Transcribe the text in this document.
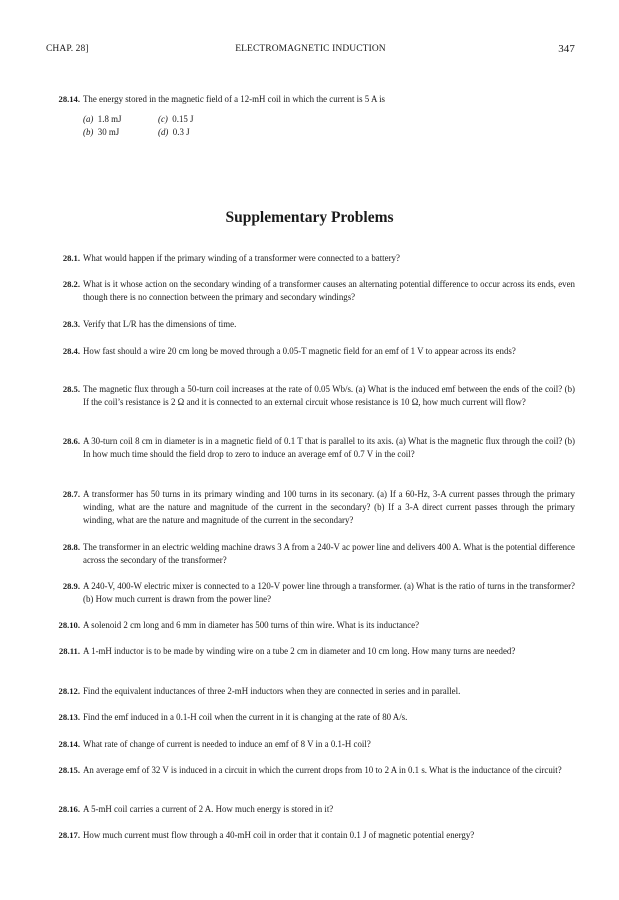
CHAP. 28]	ELECTROMAGNETIC INDUCTION	347
28.14. The energy stored in the magnetic field of a 12-mH coil in which the current is 5 A is
(a) 1.8 mJ
(b) 30 mJ
(c) 0.15 J
(d) 0.3 J
Supplementary Problems
28.1. What would happen if the primary winding of a transformer were connected to a battery?
28.2. What is it whose action on the secondary winding of a transformer causes an alternating potential difference to occur across its ends, even though there is no connection between the primary and secondary windings?
28.3. Verify that L/R has the dimensions of time.
28.4. How fast should a wire 20 cm long be moved through a 0.05-T magnetic field for an emf of 1 V to appear across its ends?
28.5. The magnetic flux through a 50-turn coil increases at the rate of 0.05 Wb/s. (a) What is the induced emf between the ends of the coil? (b) If the coil’s resistance is 2 Ω and it is connected to an external circuit whose resistance is 10 Ω, how much current will flow?
28.6. A 30-turn coil 8 cm in diameter is in a magnetic field of 0.1 T that is parallel to its axis. (a) What is the magnetic flux through the coil? (b) In how much time should the field drop to zero to induce an average emf of 0.7 V in the coil?
28.7. A transformer has 50 turns in its primary winding and 100 turns in its seconary. (a) If a 60-Hz, 3-A current passes through the primary winding, what are the nature and magnitude of the current in the secondary? (b) If a 3-A direct current passes through the primary winding, what are the nature and magnitude of the current in the secondary?
28.8. The transformer in an electric welding machine draws 3 A from a 240-V ac power line and delivers 400 A. What is the potential difference across the secondary of the transformer?
28.9. A 240-V, 400-W electric mixer is connected to a 120-V power line through a transformer. (a) What is the ratio of turns in the transformer? (b) How much current is drawn from the power line?
28.10. A solenoid 2 cm long and 6 mm in diameter has 500 turns of thin wire. What is its inductance?
28.11. A 1-mH inductor is to be made by winding wire on a tube 2 cm in diameter and 10 cm long. How many turns are needed?
28.12. Find the equivalent inductances of three 2-mH inductors when they are connected in series and in parallel.
28.13. Find the emf induced in a 0.1-H coil when the current in it is changing at the rate of 80 A/s.
28.14. What rate of change of current is needed to induce an emf of 8 V in a 0.1-H coil?
28.15. An average emf of 32 V is induced in a circuit in which the current drops from 10 to 2 A in 0.1 s. What is the inductance of the circuit?
28.16. A 5-mH coil carries a current of 2 A. How much energy is stored in it?
28.17. How much current must flow through a 40-mH coil in order that it contain 0.1 J of magnetic potential energy?
